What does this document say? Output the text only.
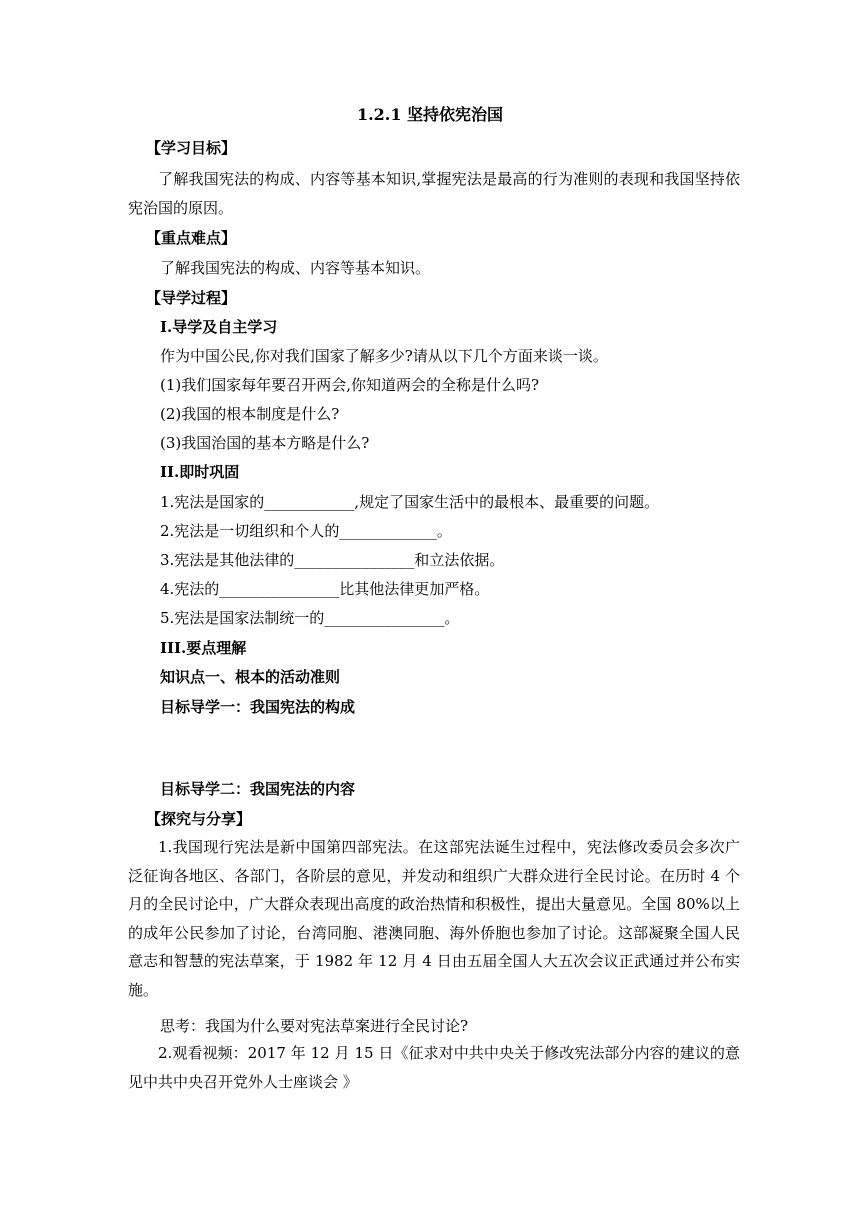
1.2.1 坚持依宪治国
【学习目标】
了解我国宪法的构成、内容等基本知识,掌握宪法是最高的行为准则的表现和我国坚持依宪治国的原因。
【重点难点】
了解我国宪法的构成、内容等基本知识。
【导学过程】
I.导学及自主学习
作为中国公民,你对我们国家了解多少?请从以下几个方面来谈一谈。
(1)我们国家每年要召开两会,你知道两会的全称是什么吗?
(2)我国的根本制度是什么?
(3)我国治国的基本方略是什么?
II.即时巩固
1.宪法是国家的____________,规定了国家生活中的最根本、最重要的问题。
2.宪法是一切组织和个人的_____________。
3.宪法是其他法律的________________和立法依据。
4.宪法的________________比其他法律更加严格。
5.宪法是国家法制统一的________________。
III.要点理解
知识点一、根本的活动准则
目标导学一：我国宪法的构成
目标导学二：我国宪法的内容
【探究与分享】
1.我国现行宪法是新中国第四部宪法。在这部宪法诞生过程中，宪法修改委员会多次广泛征询各地区、各部门，各阶层的意见，并发动和组织广大群众进行全民讨论。在历时 4 个月的全民讨论中，广大群众表现出高度的政治热情和积极性，提出大量意见。全国 80%以上的成年公民参加了讨论，台湾同胞、港澳同胞、海外侨胞也参加了讨论。这部凝聚全国人民意志和智慧的宪法草案，于 1982 年 12 月 4 日由五届全国人大五次会议正武通过并公布实施。
思考：我国为什么要对宪法草案进行全民讨论?
2.观看视频：2017 年 12 月 15 日《征求对中共中央关于修改宪法部分内容的建议的意见中共中央召开党外人士座谈会 》
